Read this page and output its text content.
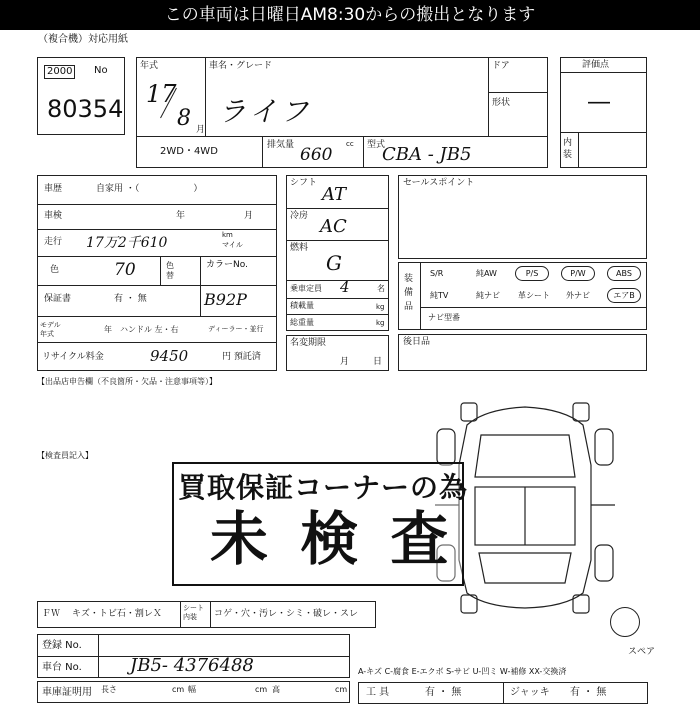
この車両は日曜日AM8:30からの搬出となります
（複合機）対応用紙
2000	No
80354
年式
17
8 月
車名・グレード
ライフ
ドア
形状
2WD・4WD
排気量	cc
660	型式
CBA - JB5
評価点
―
内装
車歴	自家用 ・（　　　　　　）
車検	年	月
走行 17万2千610	km
マイル
色	70	色替
カラーNo.
保証書	有 ・ 無	B92P
モデル年式	年 ハンドル 左・右	ディーラー・並行
リサイクル料金	9450	円 預託済
【出品店申告欄（不良箇所・欠品・注意事項等）】
シフト
AT
冷房 AC
燃料
G
乗車定員 4	名
積載量	kg
総重量	kg
名変期限
月日
セールスポイント
装備品
S/R	純AW	P/S	P/W	ABS
純TV	純ナビ 革シート 外ナビ	エアB
ナビ型番
後日品
【検査員記入】
スペア
買取保証コーナーの為
未 検 査
ＦＷ キズ・トビ石・割レＸ
シート内装	コゲ・穴・汚レ・シミ・破レ・スレ
登録 No.
車台 No.	JB5- 4376488
車庫証明用 長さ	cm 幅	cm 高	cm
A-キズ C-腐食 E-エクボ S-サビ U-凹ミ W-補修 XX-交換済
工 具	有 ・ 無	ジャッキ 有 ・ 無
